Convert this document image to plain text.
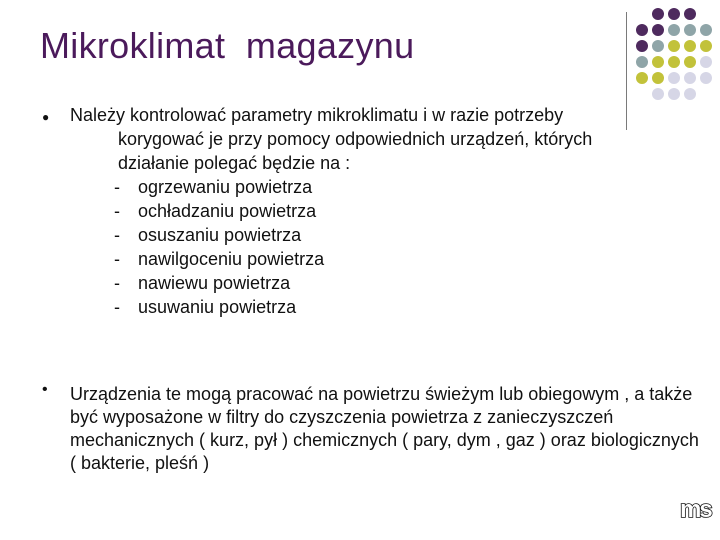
Mikroklimat  magazynu
● Należy kontrolować parametry mikroklimatu i w razie potrzeby
korygować je przy pomocy odpowiednich urządzeń, których
działanie polegać będzie na :
-	ogrzewaniu powietrza
-	ochładzaniu powietrza
-	osuszaniu powietrza
-	nawilgoceniu powietrza
-	nawiewu powietrza
-	usuwaniu powietrza
• Urządzenia te mogą pracować na powietrzu świeżym lub obiegowym , a także być wyposażone w filtry do czyszczenia powietrza z zanieczyszczeń mechanicznych ( kurz, pył ) chemicznych ( pary, dym , gaz ) oraz biologicznych ( bakterie, pleśń )

ms
